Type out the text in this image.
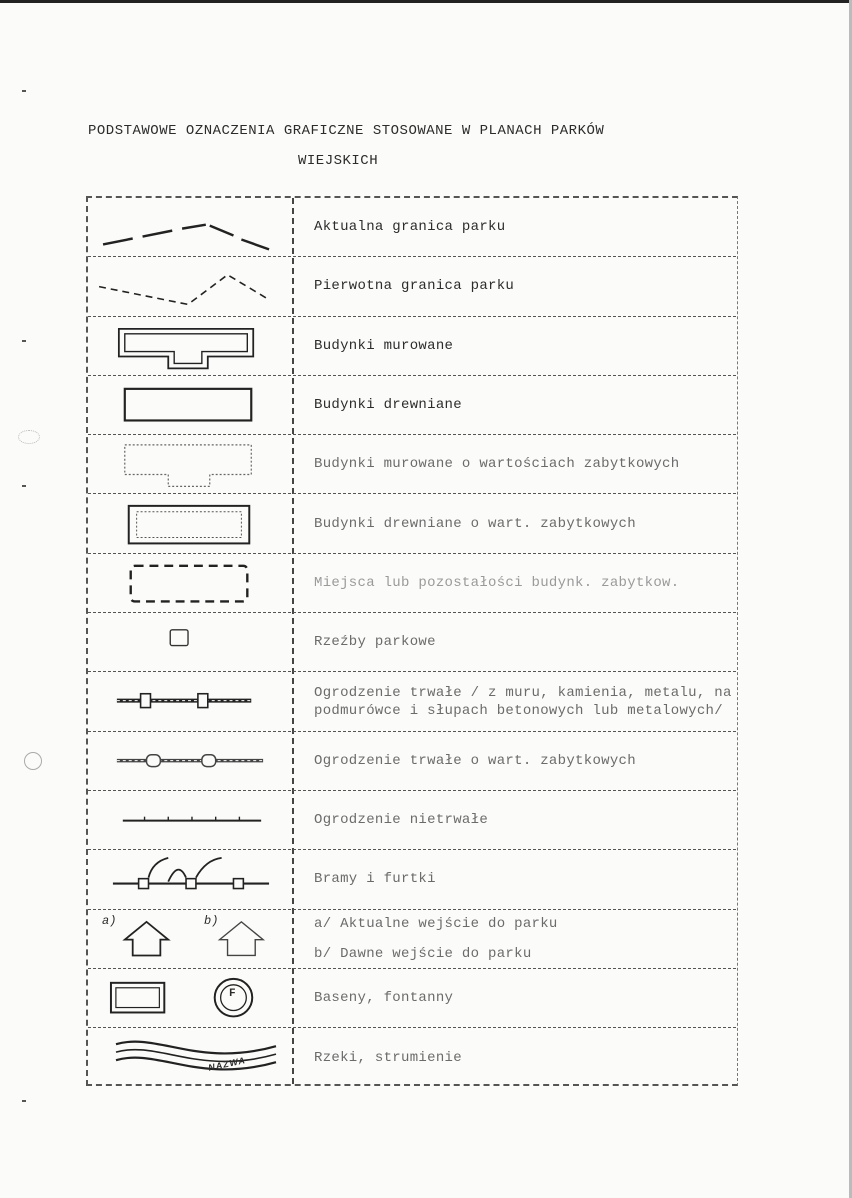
PODSTAWOWE OZNACZENIA GRAFICZNE STOSOWANE W PLANACH PARKÓW
WIEJSKICH
Aktualna granica parku
Pierwotna granica parku
Budynki murowane
Budynki drewniane
Budynki murowane o wartościach zabytkowych
Budynki drewniane o wart. zabytkowych
Miejsca lub pozostałości budynk. zabytkow.
Rzeźby parkowe
Ogrodzenie trwałe / z muru, kamienia, metalu, na podmurówce i słupach betonowych lub metalowych/
Ogrodzenie trwałe o wart. zabytkowych
Ogrodzenie nietrwałe
Bramy i furtki
a)	b)	a/ Aktualne wejście do parku
b/ Dawne wejście do parku
F	Baseny, fontanny
NAZWA	Rzeki, strumienie
